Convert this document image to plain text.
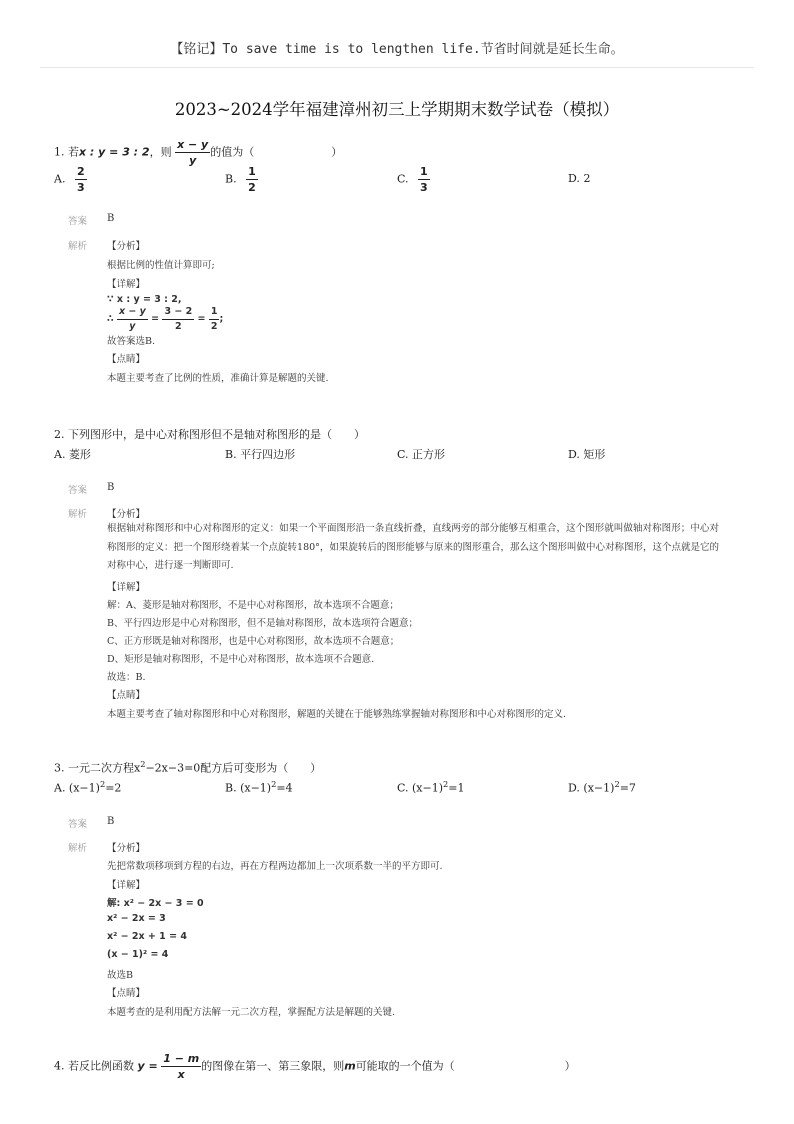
【铭记】To save time is to lengthen life.节省时间就是延长生命。
2023~2024学年福建漳州初三上学期期末数学试卷（模拟）
1. 若x : y = 3 : 2，则 $\frac{x - y}{y}$ 的值为（　　　　　　　）
A. $\frac{2}{3}$	B. $\frac{1}{2}$	C. $\frac{1}{3}$	D. 2
答案 B
解析 【分析】
根据比例的性值计算即可;
【详解】
∵ x : y = 3 : 2,
∴ $\frac{x - y}{y} = \frac{3 - 2}{2} = \frac{1}{2}$ ;
故答案选B.
【点睛】
本题主要考查了比例的性质，准确计算是解题的关键.
2. 下列图形中，是中心对称图形但不是轴对称图形的是（　　）
A. 菱形	B. 平行四边形	C. 正方形	D. 矩形
答案 B
解析 【分析】
根据轴对称图形和中心对称图形的定义：如果一个平面图形沿一条直线折叠，直线两旁的部分能够互相重合，这个图形就叫做轴对称图形；中心对称图形的定义：把一个图形绕着某一个点旋转180°，如果旋转后的图形能够与原来的图形重合，那么这个图形叫做中心对称图形，这个点就是它的对称中心，进行逐一判断即可.
【详解】
解：A、菱形是轴对称图形，不是中心对称图形，故本选项不合题意；
B、平行四边形是中心对称图形，但不是轴对称图形，故本选项符合题意；
C、正方形既是轴对称图形，也是中心对称图形，故本选项不合题意；
D、矩形是轴对称图形，不是中心对称图形，故本选项不合题意.
故选：B.
【点睛】
本题主要考查了轴对称图形和中心对称图形，解题的关键在于能够熟练掌握轴对称图形和中心对称图形的定义.
3. 一元二次方程$x^2-2x-3=0$配方后可变形为（　　）
A. $(x-1)^2=2$	B. $(x-1)^2=4$	C. $(x-1)^2=1$	D. $(x-1)^2=7$
答案 B
解析 【分析】
先把常数项移项到方程的右边，再在方程两边都加上一次项系数一半的平方即可.
【详解】
解: x² − 2x − 3 = 0
x² − 2x = 3
x² − 2x + 1 = 4
(x − 1)² = 4
故选B
【点睛】
本题考查的是利用配方法解一元二次方程，掌握配方法是解题的关键.
4. 若反比例函数 $y = \frac{1 - m}{x}$ 的图像在第一、第三象限，则m可能取的一个值为（　　　　　　　　　　）
